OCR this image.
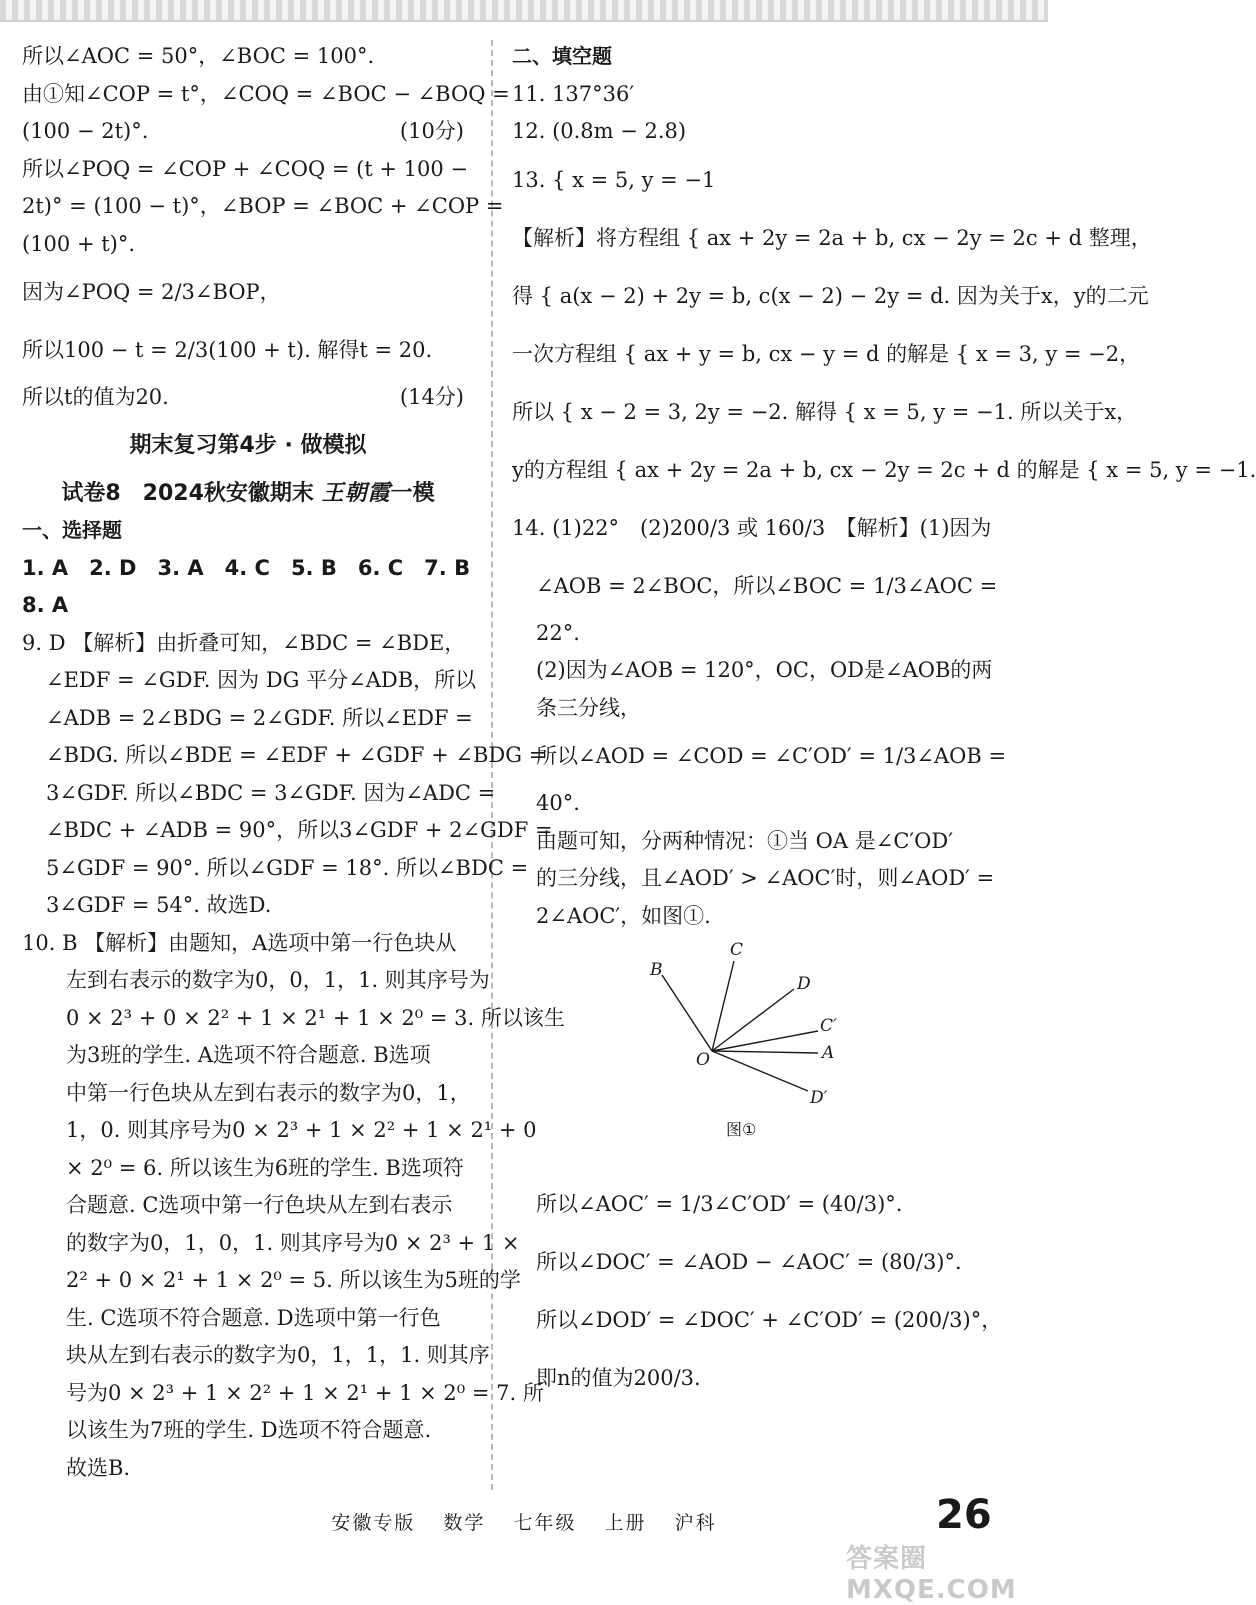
所以∠AOC = 50°，∠BOC = 100°.
由①知∠COP = t°，∠COQ = ∠BOC − ∠BOQ =
(100 − 2t)°.	(10分)
所以∠POQ = ∠COP + ∠COQ = (t + 100 −
2t)° = (100 − t)°，∠BOP = ∠BOC + ∠COP =
(100 + t)°.
因为∠POQ = 2/3∠BOP，
所以100 − t = 2/3(100 + t). 解得t = 20.
所以t的值为20.	(14分)
期末复习第4步 · 做模拟
试卷8　2024秋安徽期末 王朝霞一模
一、选择题
1. A　2. D　3. A　4. C　5. B　6. C　7. B
8. A
9. D 【解析】由折叠可知，∠BDC = ∠BDE，
∠EDF = ∠GDF. 因为 DG 平分∠ADB，所以
∠ADB = 2∠BDG = 2∠GDF. 所以∠EDF =
∠BDG. 所以∠BDE = ∠EDF + ∠GDF + ∠BDG =
3∠GDF. 所以∠BDC = 3∠GDF. 因为∠ADC =
∠BDC + ∠ADB = 90°，所以3∠GDF + 2∠GDF =
5∠GDF = 90°. 所以∠GDF = 18°. 所以∠BDC =
3∠GDF = 54°. 故选D.
10. B 【解析】由题知，A选项中第一行色块从
左到右表示的数字为0，0，1，1. 则其序号为
0 × 2³ + 0 × 2² + 1 × 2¹ + 1 × 2⁰ = 3. 所以该生
为3班的学生. A选项不符合题意. B选项
中第一行色块从左到右表示的数字为0，1，
1，0. 则其序号为0 × 2³ + 1 × 2² + 1 × 2¹ + 0
× 2⁰ = 6. 所以该生为6班的学生. B选项符
合题意. C选项中第一行色块从左到右表示
的数字为0，1，0，1. 则其序号为0 × 2³ + 1 ×
2² + 0 × 2¹ + 1 × 2⁰ = 5. 所以该生为5班的学
生. C选项不符合题意. D选项中第一行色
块从左到右表示的数字为0，1，1，1. 则其序
号为0 × 2³ + 1 × 2² + 1 × 2¹ + 1 × 2⁰ = 7. 所
以该生为7班的学生. D选项不符合题意.
故选B.
二、填空题
11. 137°36′
12. (0.8m − 2.8)
13. { x = 5, y = −1
【解析】将方程组 { ax + 2y = 2a + b, cx − 2y = 2c + d 整理，
得 { a(x − 2) + 2y = b, c(x − 2) − 2y = d. 因为关于x，y的二元
一次方程组 { ax + y = b, cx − y = d 的解是 { x = 3, y = −2，
所以 { x − 2 = 3, 2y = −2. 解得 { x = 5, y = −1. 所以关于x，
y的方程组 { ax + 2y = 2a + b, cx − 2y = 2c + d 的解是 { x = 5, y = −1.
14. (1)22°　(2)200/3 或 160/3　【解析】(1)因为
∠AOB = 2∠BOC，所以∠BOC = 1/3∠AOC =
22°.
(2)因为∠AOB = 120°，OC，OD是∠AOB的两
条三分线，
所以∠AOD = ∠COD = ∠C′OD′ = 1/3∠AOB =
40°.
由题可知，分两种情况：①当 OA 是∠C′OD′
的三分线，且∠AOD′ > ∠AOC′时，则∠AOD′ =
2∠AOC′，如图①.
B
C
D
C′
A
D′
O
图①
所以∠AOC′ = 1/3∠C′OD′ = (40/3)°.
所以∠DOC′ = ∠AOD − ∠AOC′ = (80/3)°.
所以∠DOD′ = ∠DOC′ + ∠C′OD′ = (200/3)°，
即n的值为200/3.
安徽专版 数学 七年级 上册 沪科	26
答案圈 MXQE.COM
